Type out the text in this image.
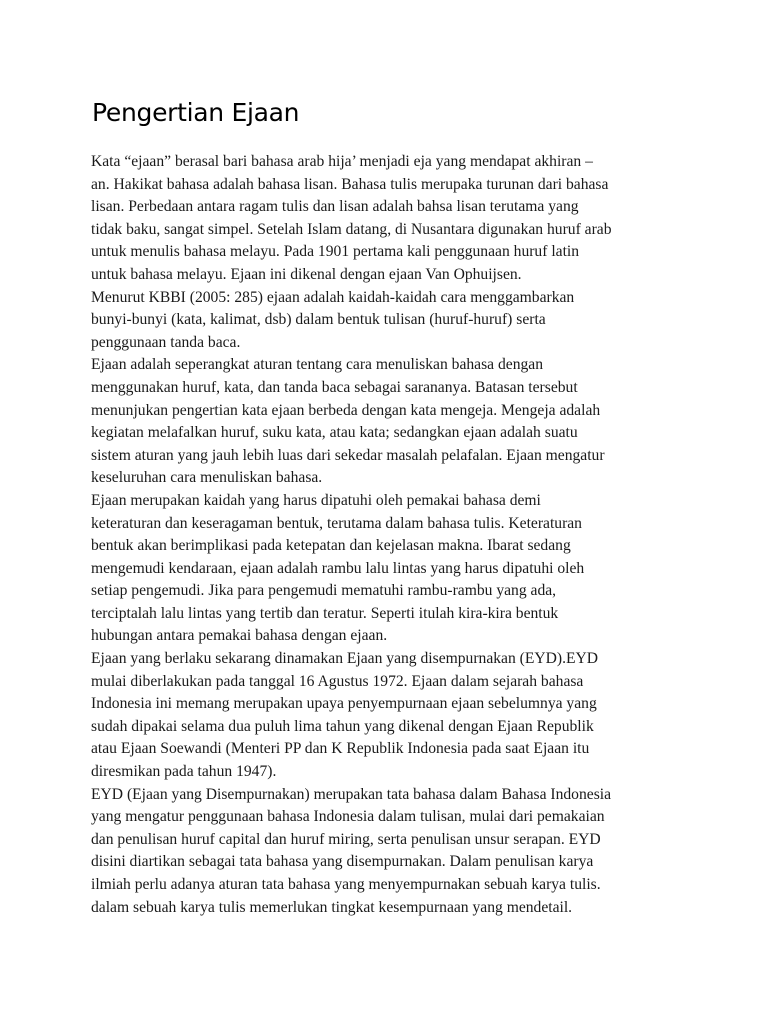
Pengertian Ejaan
Kata “ejaan” berasal bari bahasa arab hija’ menjadi eja yang mendapat akhiran –
an. Hakikat bahasa adalah bahasa lisan. Bahasa tulis merupaka turunan dari bahasa
lisan. Perbedaan antara ragam tulis dan lisan adalah bahsa lisan terutama yang
tidak baku, sangat simpel. Setelah Islam datang, di Nusantara digunakan huruf arab
untuk menulis bahasa melayu. Pada 1901 pertama kali penggunaan huruf latin
untuk bahasa melayu. Ejaan ini dikenal dengan ejaan Van Ophuijsen.
Menurut KBBI (2005: 285) ejaan adalah kaidah-kaidah cara menggambarkan
bunyi-bunyi (kata, kalimat, dsb) dalam bentuk tulisan (huruf-huruf) serta
penggunaan tanda baca.
Ejaan adalah seperangkat aturan tentang cara menuliskan bahasa dengan
menggunakan huruf, kata, dan tanda baca sebagai sarananya. Batasan tersebut
menunjukan pengertian kata ejaan berbeda dengan kata mengeja. Mengeja adalah
kegiatan melafalkan huruf, suku kata, atau kata; sedangkan ejaan adalah suatu
sistem aturan yang jauh lebih luas dari sekedar masalah pelafalan. Ejaan mengatur
keseluruhan cara menuliskan bahasa.
Ejaan merupakan kaidah yang harus dipatuhi oleh pemakai bahasa demi
keteraturan dan keseragaman bentuk, terutama dalam bahasa tulis. Keteraturan
bentuk akan berimplikasi pada ketepatan dan kejelasan makna. Ibarat sedang
mengemudi kendaraan, ejaan adalah rambu lalu lintas yang harus dipatuhi oleh
setiap pengemudi. Jika para pengemudi mematuhi rambu-rambu yang ada,
terciptalah lalu lintas yang tertib dan teratur. Seperti itulah kira-kira bentuk
hubungan antara pemakai bahasa dengan ejaan.
Ejaan yang berlaku sekarang dinamakan Ejaan yang disempurnakan (EYD).EYD
mulai diberlakukan pada tanggal 16 Agustus 1972. Ejaan dalam sejarah bahasa
Indonesia ini memang merupakan upaya penyempurnaan ejaan sebelumnya yang
sudah dipakai selama dua puluh lima tahun yang dikenal dengan Ejaan Republik
atau Ejaan Soewandi (Menteri PP dan K Republik Indonesia pada saat Ejaan itu
diresmikan pada tahun 1947).
EYD (Ejaan yang Disempurnakan) merupakan tata bahasa dalam Bahasa Indonesia
yang mengatur penggunaan bahasa Indonesia dalam tulisan, mulai dari pemakaian
dan penulisan huruf capital dan huruf miring, serta penulisan unsur serapan. EYD
disini diartikan sebagai tata bahasa yang disempurnakan. Dalam penulisan karya
ilmiah perlu adanya aturan tata bahasa yang menyempurnakan sebuah karya tulis.
dalam sebuah karya tulis memerlukan tingkat kesempurnaan yang mendetail.
